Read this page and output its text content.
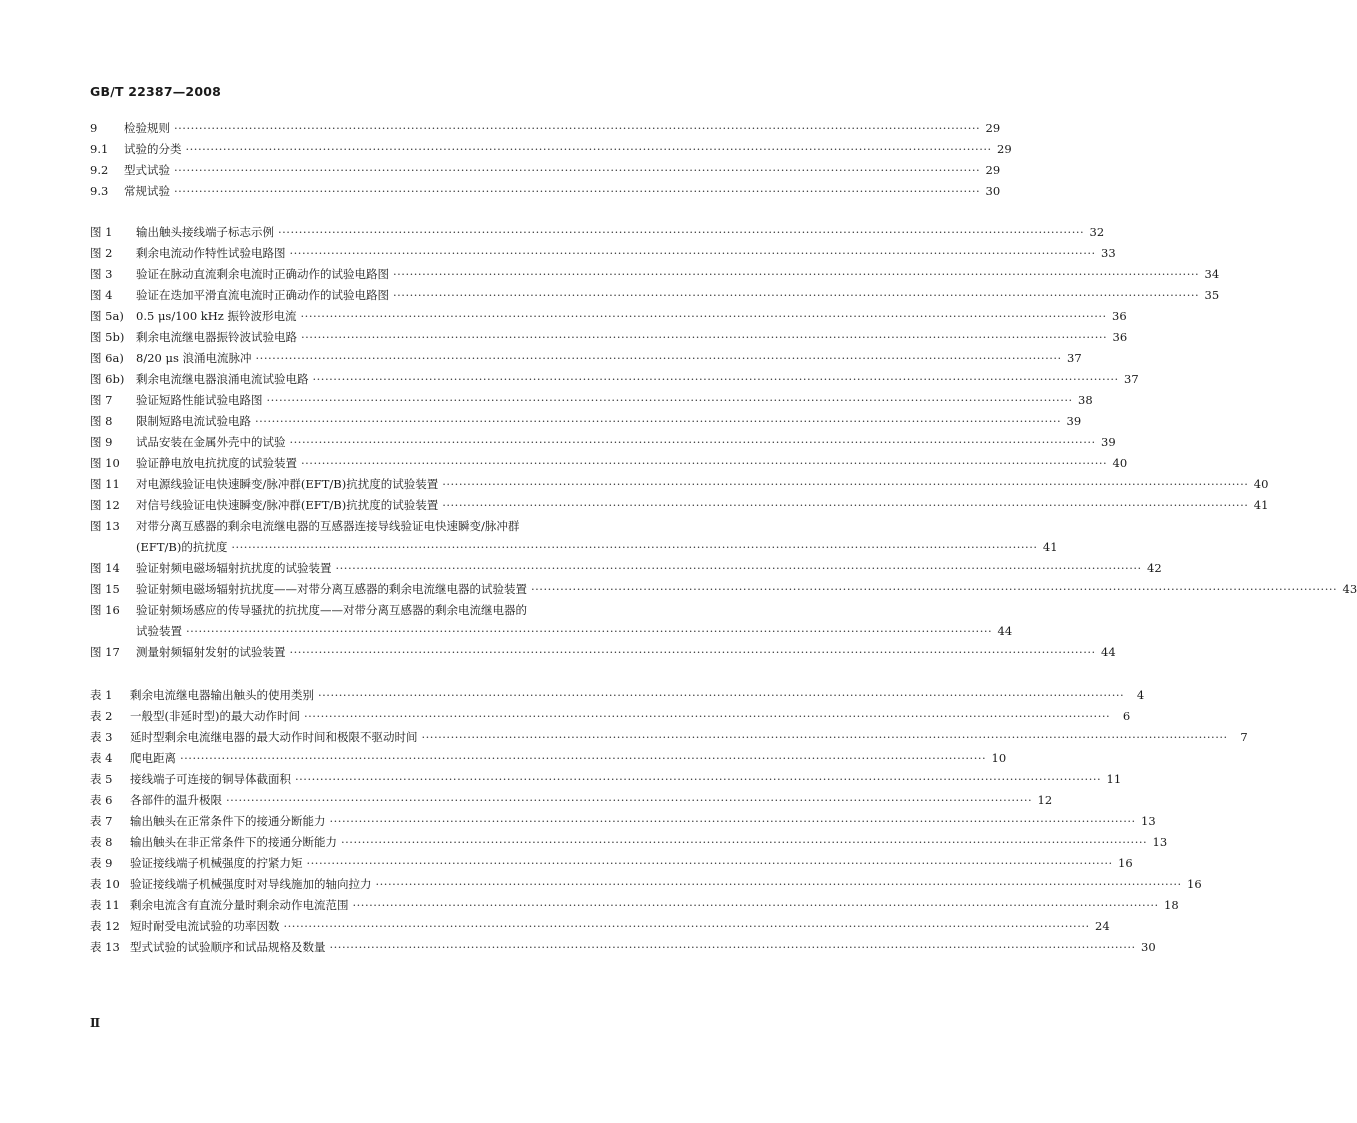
GB/T 22387—2008
9	检验规则 ·····	29
9.1	试验的分类 ·····	29
9.2	型式试验 ·····	29
9.3	常规试验 ·····	30
图 1	输出触头接线端子标志示例 ·····	32
图 2	剩余电流动作特性试验电路图 ·····	33
图 3	验证在脉动直流剩余电流时正确动作的试验电路图 ·····	34
图 4	验证在迭加平滑直流电流时正确动作的试验电路图 ·····	35
图 5a)	0.5 μs/100 kHz 振铃波形电流 ·····	36
图 5b)	剩余电流继电器振铃波试验电路 ·····	36
图 6a)	8/20 μs 浪涌电流脉冲 ·····	37
图 6b)	剩余电流继电器浪涌电流试验电路 ·····	37
图 7	验证短路性能试验电路图 ·····	38
图 8	限制短路电流试验电路 ·····	39
图 9	试品安装在金属外壳中的试验 ·····	39
图 10	验证静电放电抗扰度的试验装置 ·····	40
图 11	对电源线验证电快速瞬变/脉冲群(EFT/B)抗扰度的试验装置 ·····	40
图 12	对信号线验证电快速瞬变/脉冲群(EFT/B)抗扰度的试验装置 ·····	41
图 13	对带分离互感器的剩余电流继电器的互感器连接导线验证电快速瞬变/脉冲群
(EFT/B)的抗扰度 ·····	41
图 14	验证射频电磁场辐射抗扰度的试验装置 ·····	42
图 15	验证射频电磁场辐射抗扰度——对带分离互感器的剩余电流继电器的试验装置 ·····	43
图 16	验证射频场感应的传导骚扰的抗扰度——对带分离互感器的剩余电流继电器的
试验装置 ·····	44
图 17	测量射频辐射发射的试验装置 ·····	44
表 1	剩余电流继电器输出触头的使用类别 ·····	4
表 2	一般型(非延时型)的最大动作时间 ·····	6
表 3	延时型剩余电流继电器的最大动作时间和极限不驱动时间 ·····	7
表 4	爬电距离 ·····	10
表 5	接线端子可连接的铜导体截面积 ·····	11
表 6	各部件的温升极限 ·····	12
表 7	输出触头在正常条件下的接通分断能力 ·····	13
表 8	输出触头在非正常条件下的接通分断能力 ·····	13
表 9	验证接线端子机械强度的拧紧力矩 ·····	16
表 10 验证接线端子机械强度时对导线施加的轴向拉力 ·····	16
表 11 剩余电流含有直流分量时剩余动作电流范围 ·····	18
表 12 短时耐受电流试验的功率因数 ·····	24
表 13 型式试验的试验顺序和试品规格及数量 ·····	30
Ⅱ
